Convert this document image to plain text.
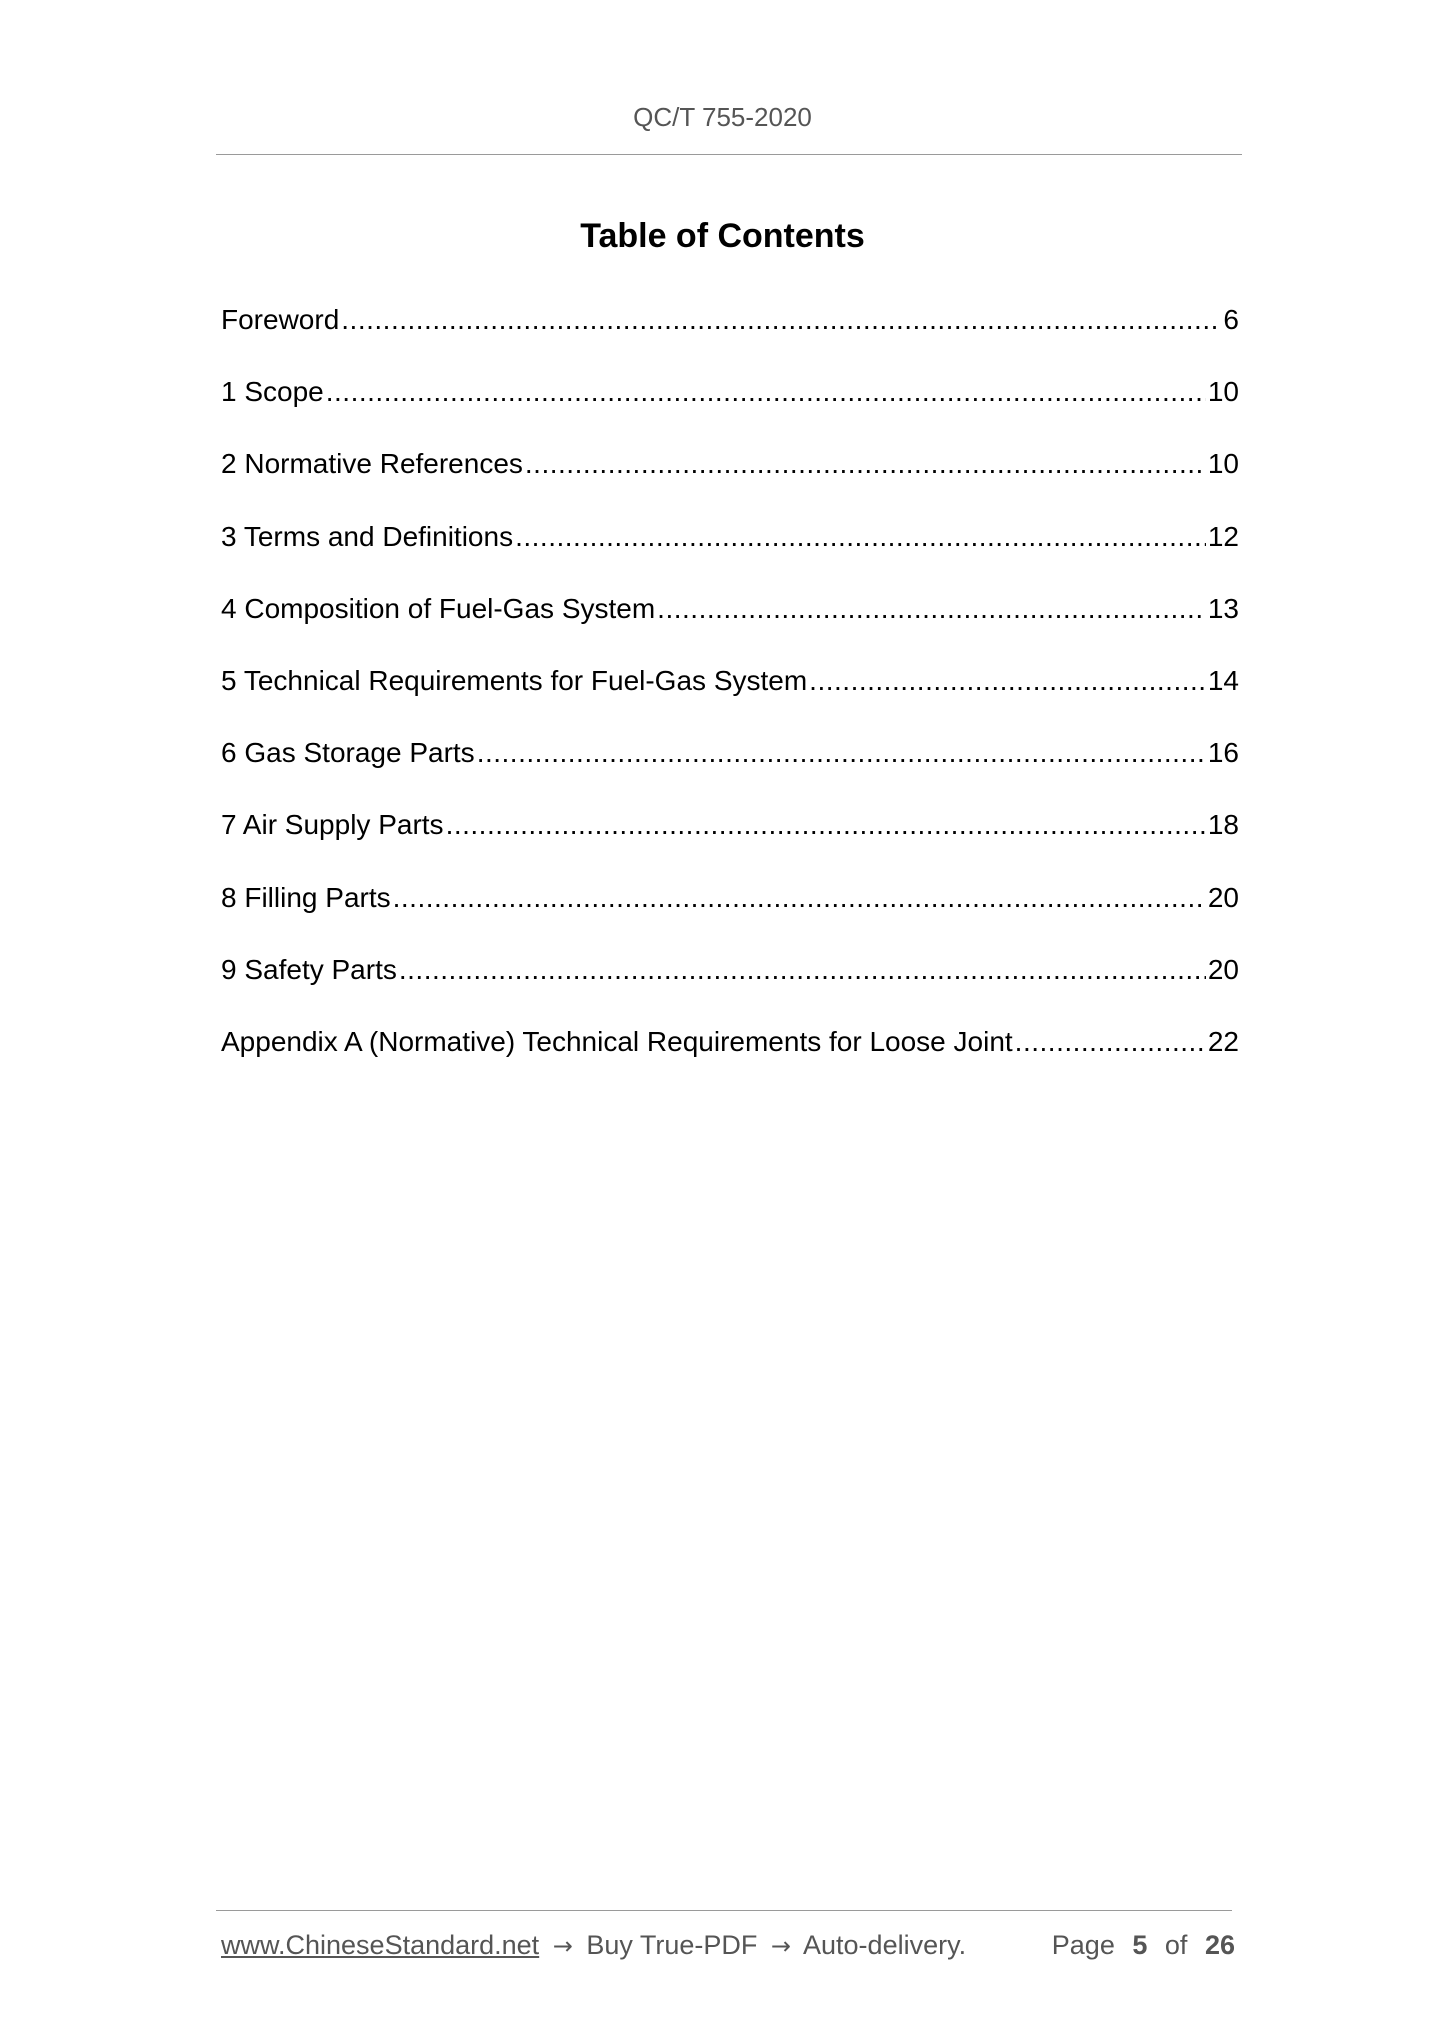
QC/T 755-2020
Table of Contents
Foreword .....	6
1 Scope .....	10
2 Normative References .....	10
3 Terms and Definitions .....	12
4 Composition of Fuel-Gas System .....	13
5 Technical Requirements for Fuel-Gas System .....	14
6 Gas Storage Parts .....	16
7 Air Supply Parts .....	18
8 Filling Parts .....	20
9 Safety Parts .....	20
Appendix A (Normative) Technical Requirements for Loose Joint .....	22
www.ChineseStandard.net → Buy True-PDF → Auto-delivery.	Page 5 of 26
